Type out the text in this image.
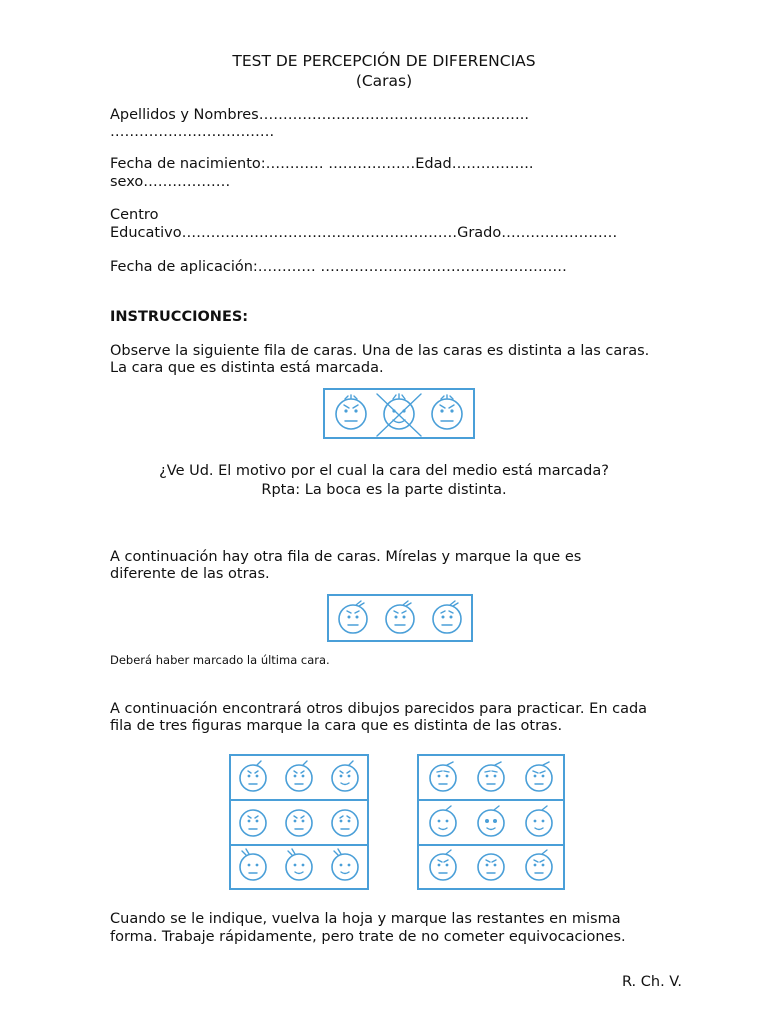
TEST DE PERCEPCIÓN DE DIFERENCIAS
(Caras)
Apellidos y Nombres………………………………………………..
…………………………….
Fecha de nacimiento:………… ………………Edad……………..
sexo………………
Centro
Educativo…………………………………………………Grado……………………
Fecha de aplicación:………… ……………………………………………
INSTRUCCIONES:
Observe la siguiente fila de caras. Una de las caras es distinta a las caras.
La cara que es distinta está marcada.
¿Ve Ud. El motivo por el cual la cara del medio está marcada?
Rpta: La boca es la parte distinta.
A continuación hay otra fila de caras. Mírelas y marque la que es
diferente de las otras.
Deberá haber marcado la última cara.
A continuación encontrará otros dibujos parecidos para practicar. En cada
fila de tres figuras marque la cara que es distinta de las otras.
Cuando se le indique, vuelva la hoja y marque las restantes en misma
forma. Trabaje rápidamente, pero trate de no cometer equivocaciones.
R. Ch. V.
